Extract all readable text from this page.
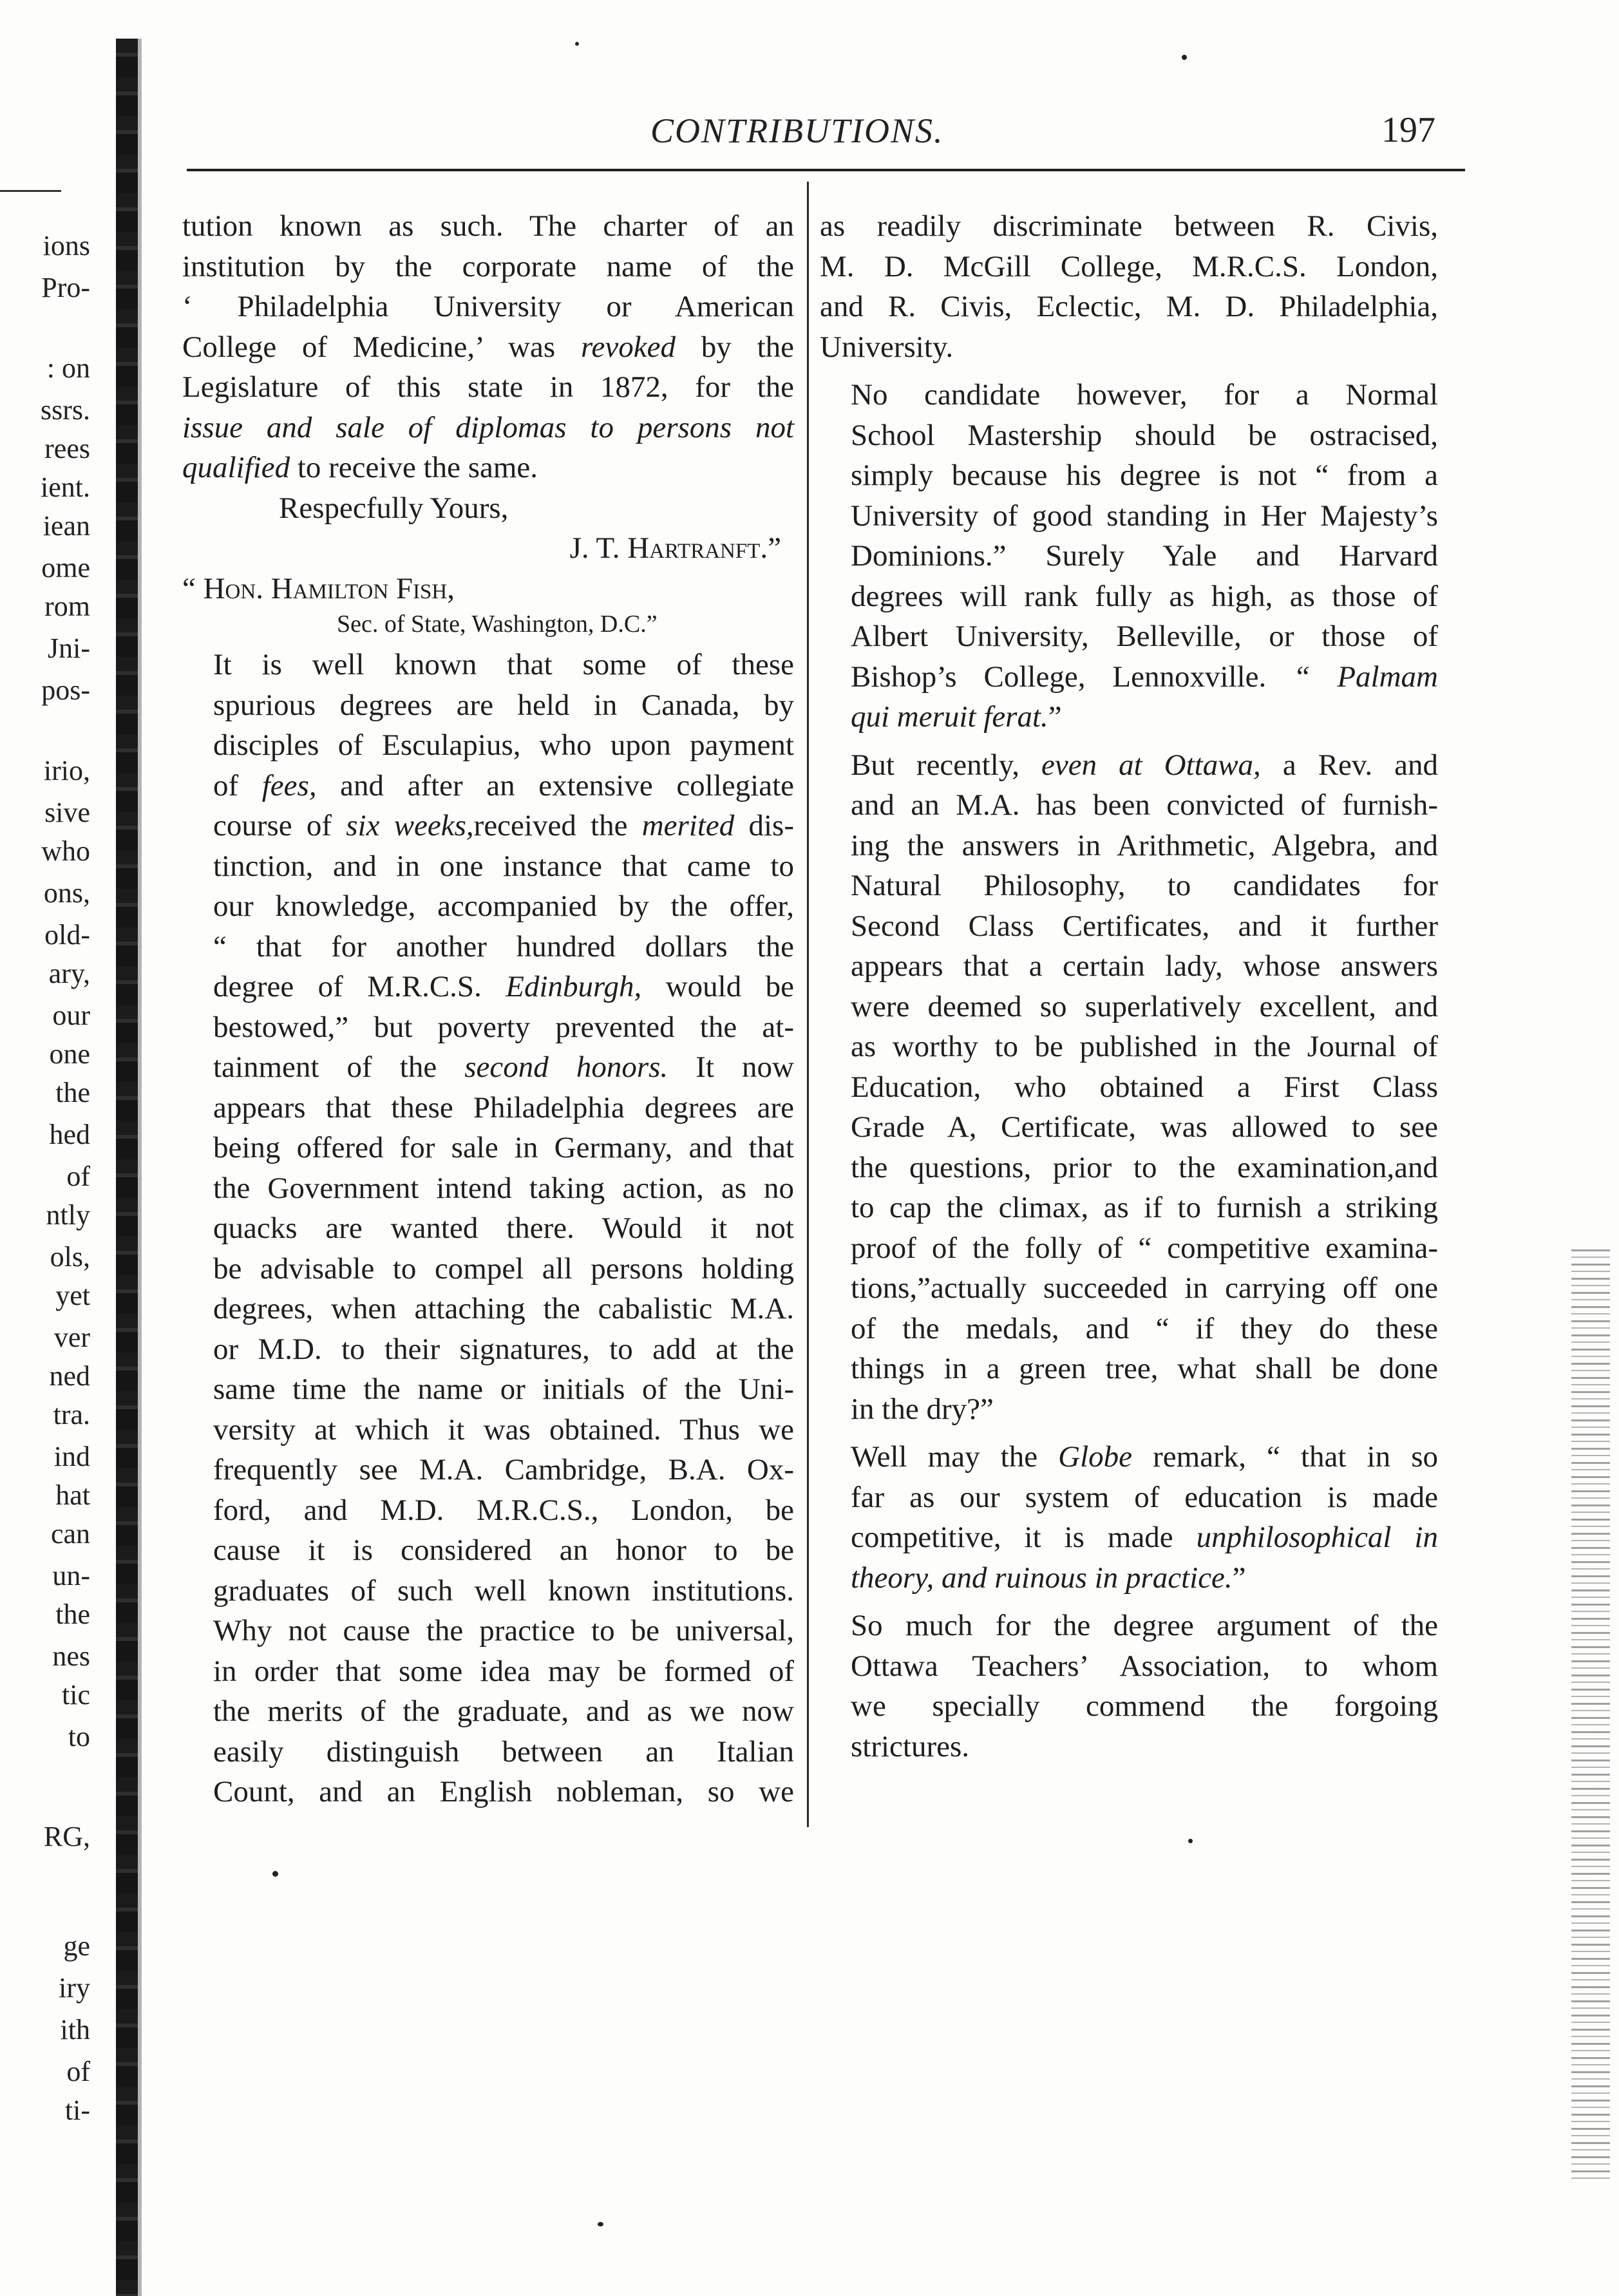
ions
Pro-
: on
ssrs.
rees
ient.
iean
ome
rom
Jni-
pos-
irio,
sive
who
ons,
old-
ary,
our
one
the
hed
of
ntly
ols,
yet
ver
ned
tra.
ind
hat
can
un-
the
nes
tic
to
RG,
ge
iry
ith
of
ti-
CONTRIBUTIONS.	197

tution known as such. The charter of an
institution by the corporate name of the
‘ Philadelphia University or American
College of Medicine,’ was revoked by the
Legislature of this state in 1872, for the
issue and sale of diplomas to persons not
qualified to receive the same.

Respecfully Yours,
J. T. Hartranft.”
“ Hon. Hamilton Fish,
Sec. of State, Washington, D.C.”

It is well known that some of these
spurious degrees are held in Canada, by
disciples of Esculapius, who upon payment
of fees, and after an extensive collegiate
course of six weeks,received the merited dis-
tinction, and in one instance that came to
our knowledge, accompanied by the offer,
“ that for another hundred dollars the
degree of M.R.C.S. Edinburgh, would be
bestowed,” but poverty prevented the at-
tainment of the second honors. It now
appears that these Philadelphia degrees are
being offered for sale in Germany, and that
the Government intend taking action, as no
quacks are wanted there. Would it not
be advisable to compel all persons holding
degrees, when attaching the cabalistic M.A.
or M.D. to their signatures, to add at the
same time the name or initials of the Uni-
versity at which it was obtained. Thus we
frequently see M.A. Cambridge, B.A. Ox-
ford, and M.D. M.R.C.S., London, be
cause it is considered an honor to be
graduates of such well known institutions.
Why not cause the practice to be universal,
in order that some idea may be formed of
the merits of the graduate, and as we now
easily distinguish between an Italian
Count, and an English nobleman, so we

as readily discriminate between R. Civis,
M. D. McGill College, M.R.C.S. London,
and R. Civis, Eclectic, M. D. Philadelphia,
University.

No candidate however, for a Normal
School Mastership should be ostracised,
simply because his degree is not “ from a
University of good standing in Her Majesty’s
Dominions.” Surely Yale and Harvard
degrees will rank fully as high, as those of
Albert University, Belleville, or those of
Bishop’s College, Lennoxville. “ Palmam
qui meruit ferat.”

But recently, even at Ottawa, a Rev. and
and an M.A. has been convicted of furnish-
ing the answers in Arithmetic, Algebra, and
Natural Philosophy, to candidates for
Second Class Certificates, and it further
appears that a certain lady, whose answers
were deemed so superlatively excellent, and
as worthy to be published in the Journal of
Education, who obtained a First Class
Grade A, Certificate, was allowed to see
the questions, prior to the examination,and
to cap the climax, as if to furnish a striking
proof of the folly of “ competitive examina-
tions,”actually succeeded in carrying off one
of the medals, and “ if they do these
things in a green tree, what shall be done
in the dry?”

Well may the Globe remark, “ that in so
far as our system of education is made
competitive, it is made unphilosophical in
theory, and ruinous in practice.”

So much for the degree argument of the
Ottawa Teachers’ Association, to whom
we specially commend the forgoing
strictures.
